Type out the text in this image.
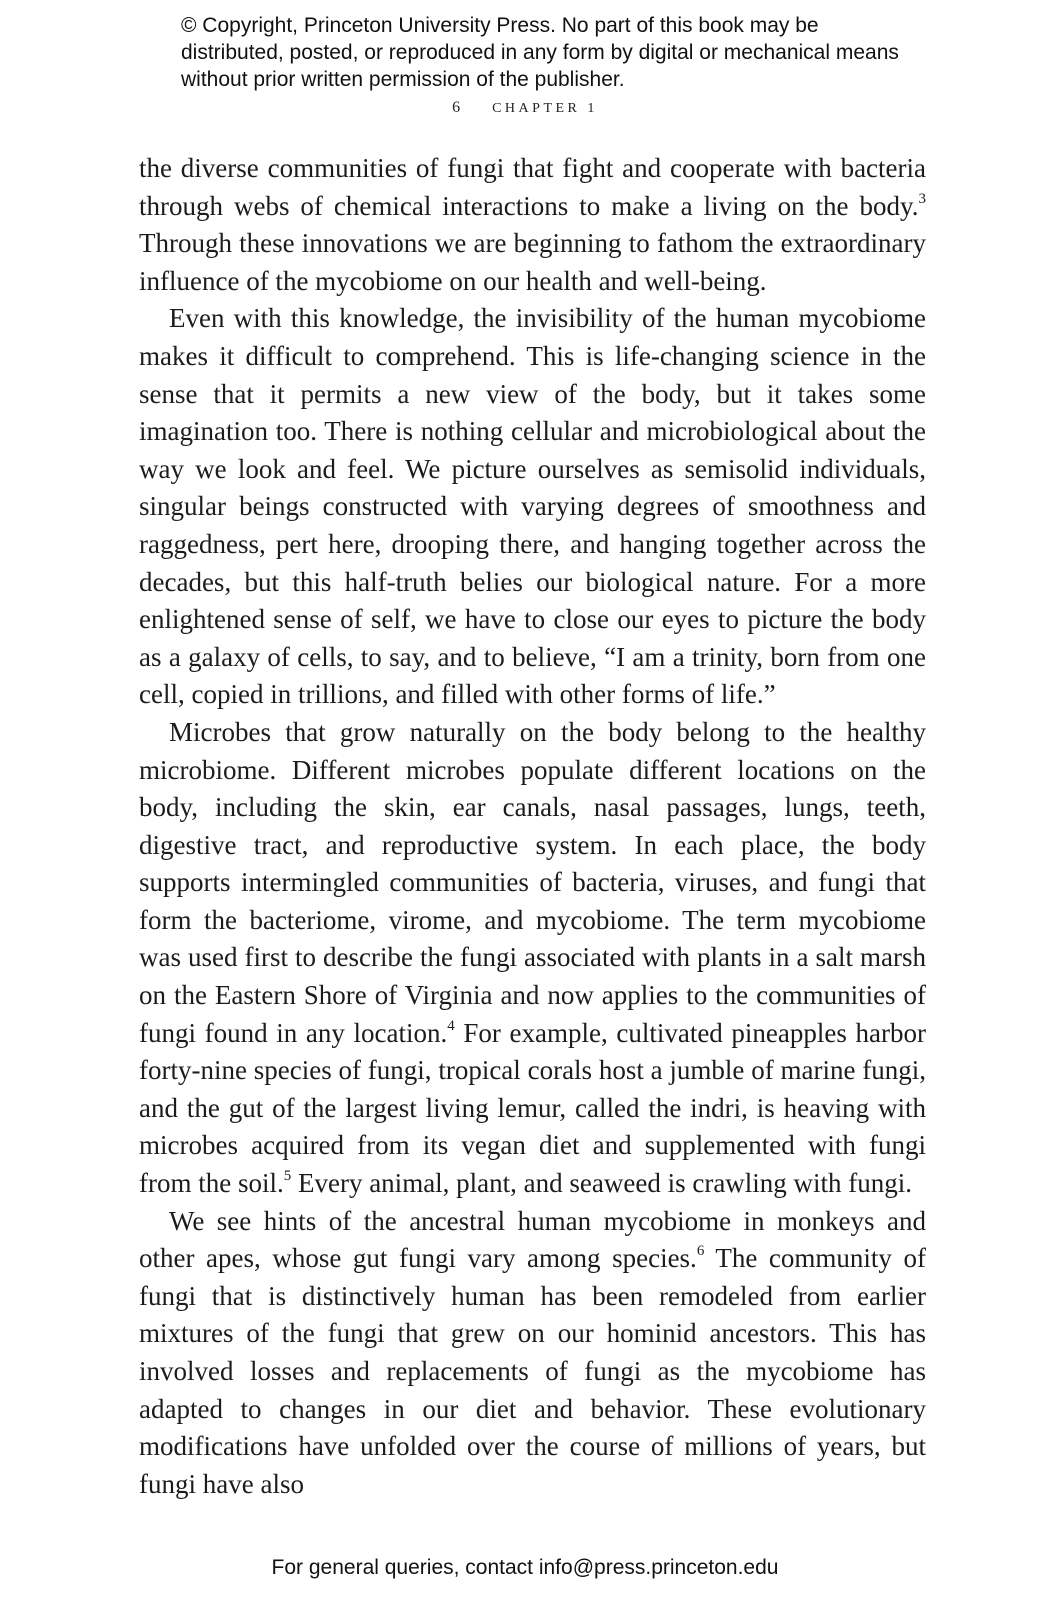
© Copyright, Princeton University Press. No part of this book may be distributed, posted, or reproduced in any form by digital or mechanical means without prior written permission of the publisher.
6 CHAPTER 1

the diverse communities of fungi that fight and cooperate with bacteria through webs of chemical interactions to make a living on the body.$^3$ Through these innovations we are beginning to fathom the extraordinary influence of the mycobiome on our health and well-being.

Even with this knowledge, the invisibility of the human mycobiome makes it difficult to comprehend. This is life-changing science in the sense that it permits a new view of the body, but it takes some imagination too. There is nothing cellular and microbiological about the way we look and feel. We picture ourselves as semisolid individuals, singular beings constructed with varying degrees of smoothness and raggedness, pert here, drooping there, and hanging together across the decades, but this half-truth belies our biological nature. For a more enlightened sense of self, we have to close our eyes to picture the body as a galaxy of cells, to say, and to believe, “I am a trinity, born from one cell, copied in trillions, and filled with other forms of life.”

Microbes that grow naturally on the body belong to the healthy microbiome. Different microbes populate different locations on the body, including the skin, ear canals, nasal passages, lungs, teeth, digestive tract, and reproductive system. In each place, the body supports intermingled communities of bacteria, viruses, and fungi that form the bacteriome, virome, and mycobiome. The term mycobiome was used first to describe the fungi associated with plants in a salt marsh on the Eastern Shore of Virginia and now applies to the communities of fungi found in any location.$^4$ For example, cultivated pineapples harbor forty-nine species of fungi, tropical corals host a jumble of marine fungi, and the gut of the largest living lemur, called the indri, is heaving with microbes acquired from its vegan diet and supplemented with fungi from the soil.$^5$ Every animal, plant, and seaweed is crawling with fungi.

We see hints of the ancestral human mycobiome in monkeys and other apes, whose gut fungi vary among species.$^6$ The community of fungi that is distinctively human has been remodeled from earlier mixtures of the fungi that grew on our hominid ancestors. This has involved losses and replacements of fungi as the mycobiome has adapted to changes in our diet and behavior. These evolutionary modifications have unfolded over the course of millions of years, but fungi have also

For general queries, contact info@press.princeton.edu
